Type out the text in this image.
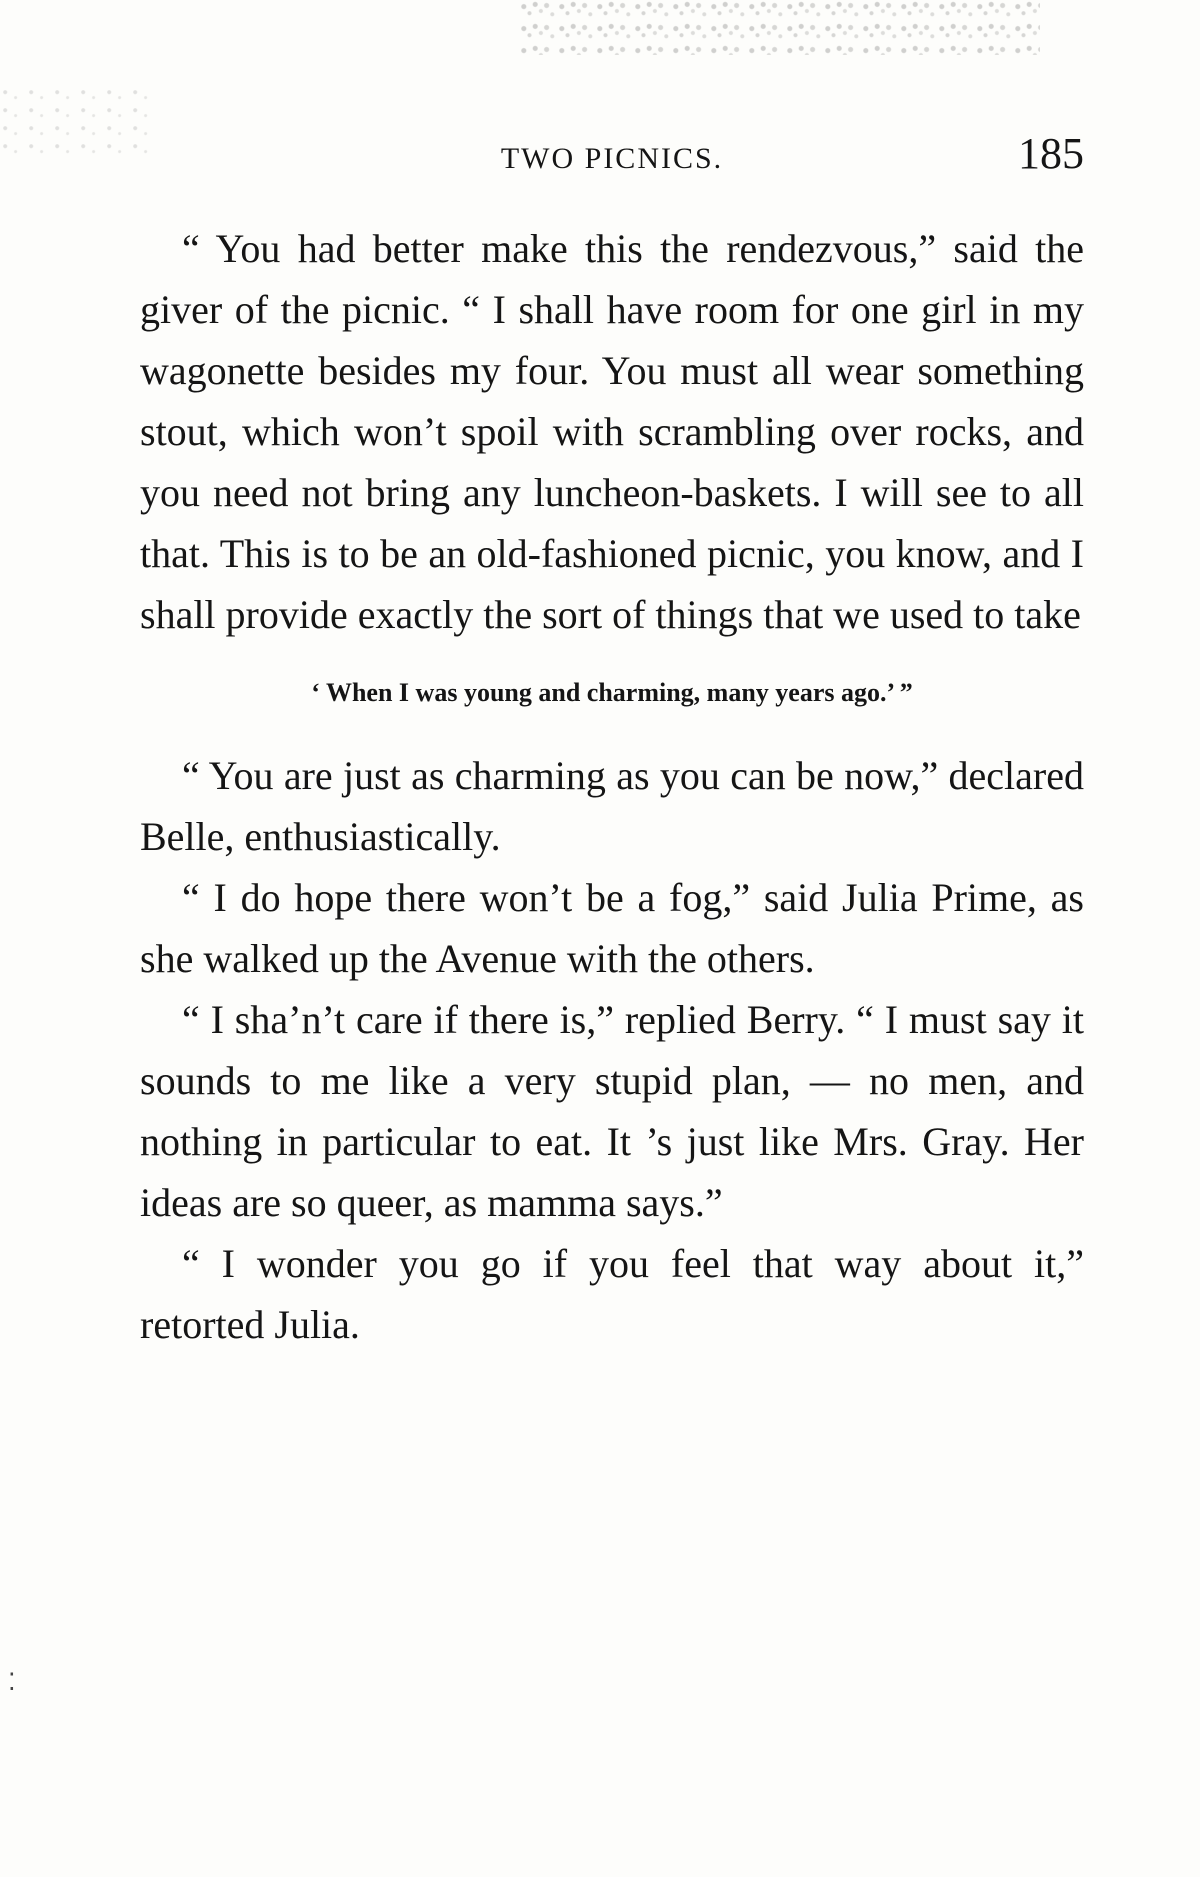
TWO PICNICS.	185

“ You had better make this the rendezvous,” said the giver of the picnic. “ I shall have room for one girl in my wagonette besides my four. You must all wear something stout, which won’t spoil with scrambling over rocks, and you need not bring any luncheon-baskets. I will see to all that. This is to be an old-fashioned picnic, you know, and I shall provide exactly the sort of things that we used to take

‘ When I was young and charming, many years ago.’ ”

“ You are just as charming as you can be now,” declared Belle, enthusiastically.

“ I do hope there won’t be a fog,” said Julia Prime, as she walked up the Avenue with the others.

“ I sha’n’t care if there is,” replied Berry. “ I must say it sounds to me like a very stupid plan, — no men, and nothing in particular to eat. It ’s just like Mrs. Gray. Her ideas are so queer, as mamma says.”

“ I wonder you go if you feel that way about it,” retorted Julia.

⁚
